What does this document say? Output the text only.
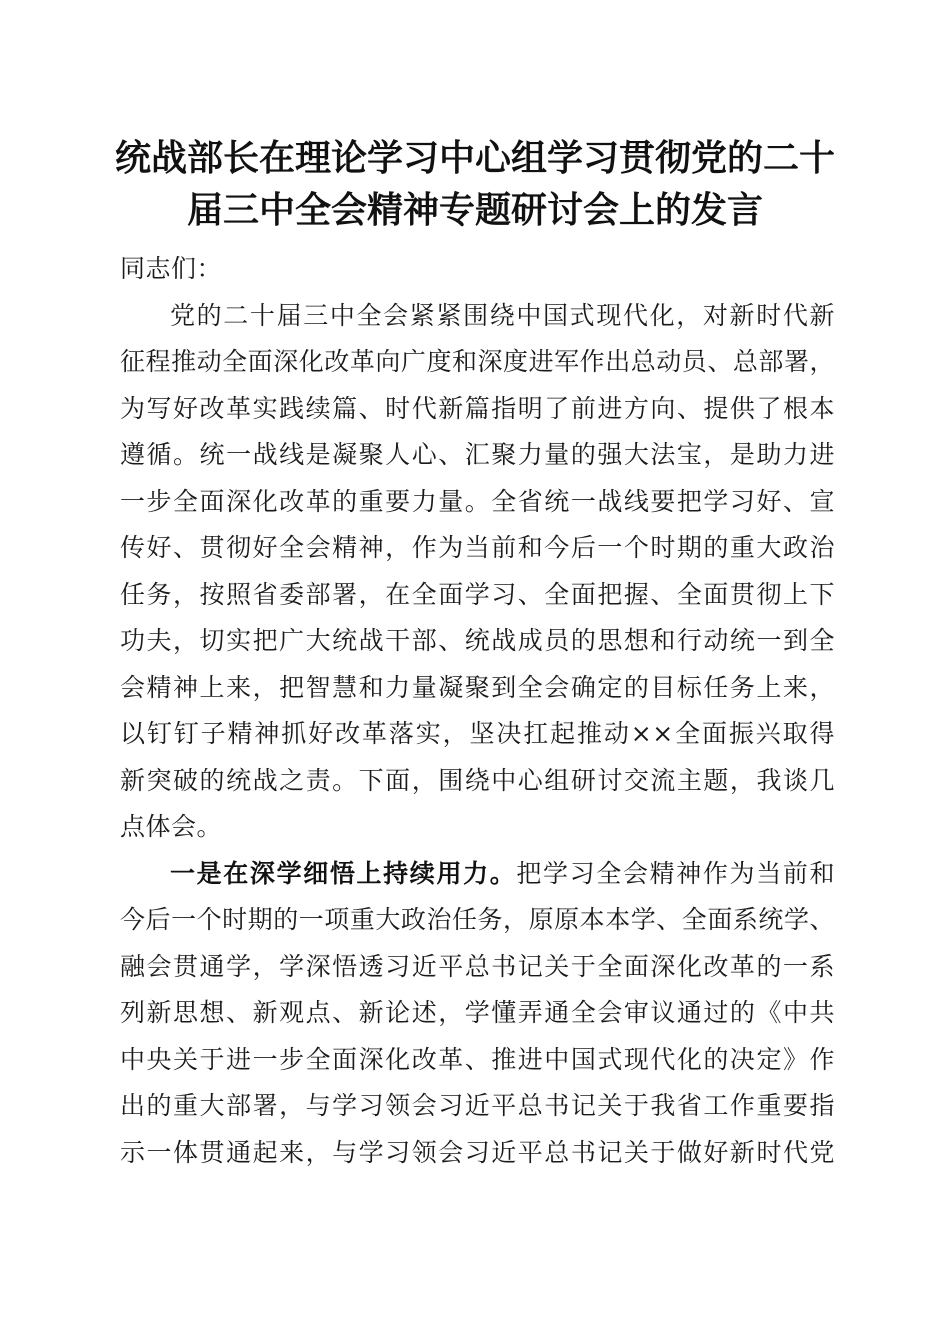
统战部长在理论学习中心组学习贯彻党的二十
届三中全会精神专题研讨会上的发言
同志们：
党的二十届三中全会紧紧围绕中国式现代化，对新时代新
征程推动全面深化改革向广度和深度进军作出总动员、总部署，
为写好改革实践续篇、时代新篇指明了前进方向、提供了根本
遵循。统一战线是凝聚人心、汇聚力量的强大法宝，是助力进
一步全面深化改革的重要力量。全省统一战线要把学习好、宣
传好、贯彻好全会精神，作为当前和今后一个时期的重大政治
任务，按照省委部署，在全面学习、全面把握、全面贯彻上下
功夫，切实把广大统战干部、统战成员的思想和行动统一到全
会精神上来，把智慧和力量凝聚到全会确定的目标任务上来，
以钉钉子精神抓好改革落实，坚决扛起推动××全面振兴取得
新突破的统战之责。下面，围绕中心组研讨交流主题，我谈几
点体会。
一是在深学细悟上持续用力。把学习全会精神作为当前和
今后一个时期的一项重大政治任务，原原本本学、全面系统学、
融会贯通学，学深悟透习近平总书记关于全面深化改革的一系
列新思想、新观点、新论述，学懂弄通全会审议通过的《中共
中央关于进一步全面深化改革、推进中国式现代化的决定》作
出的重大部署，与学习领会习近平总书记关于我省工作重要指
示一体贯通起来，与学习领会习近平总书记关于做好新时代党
